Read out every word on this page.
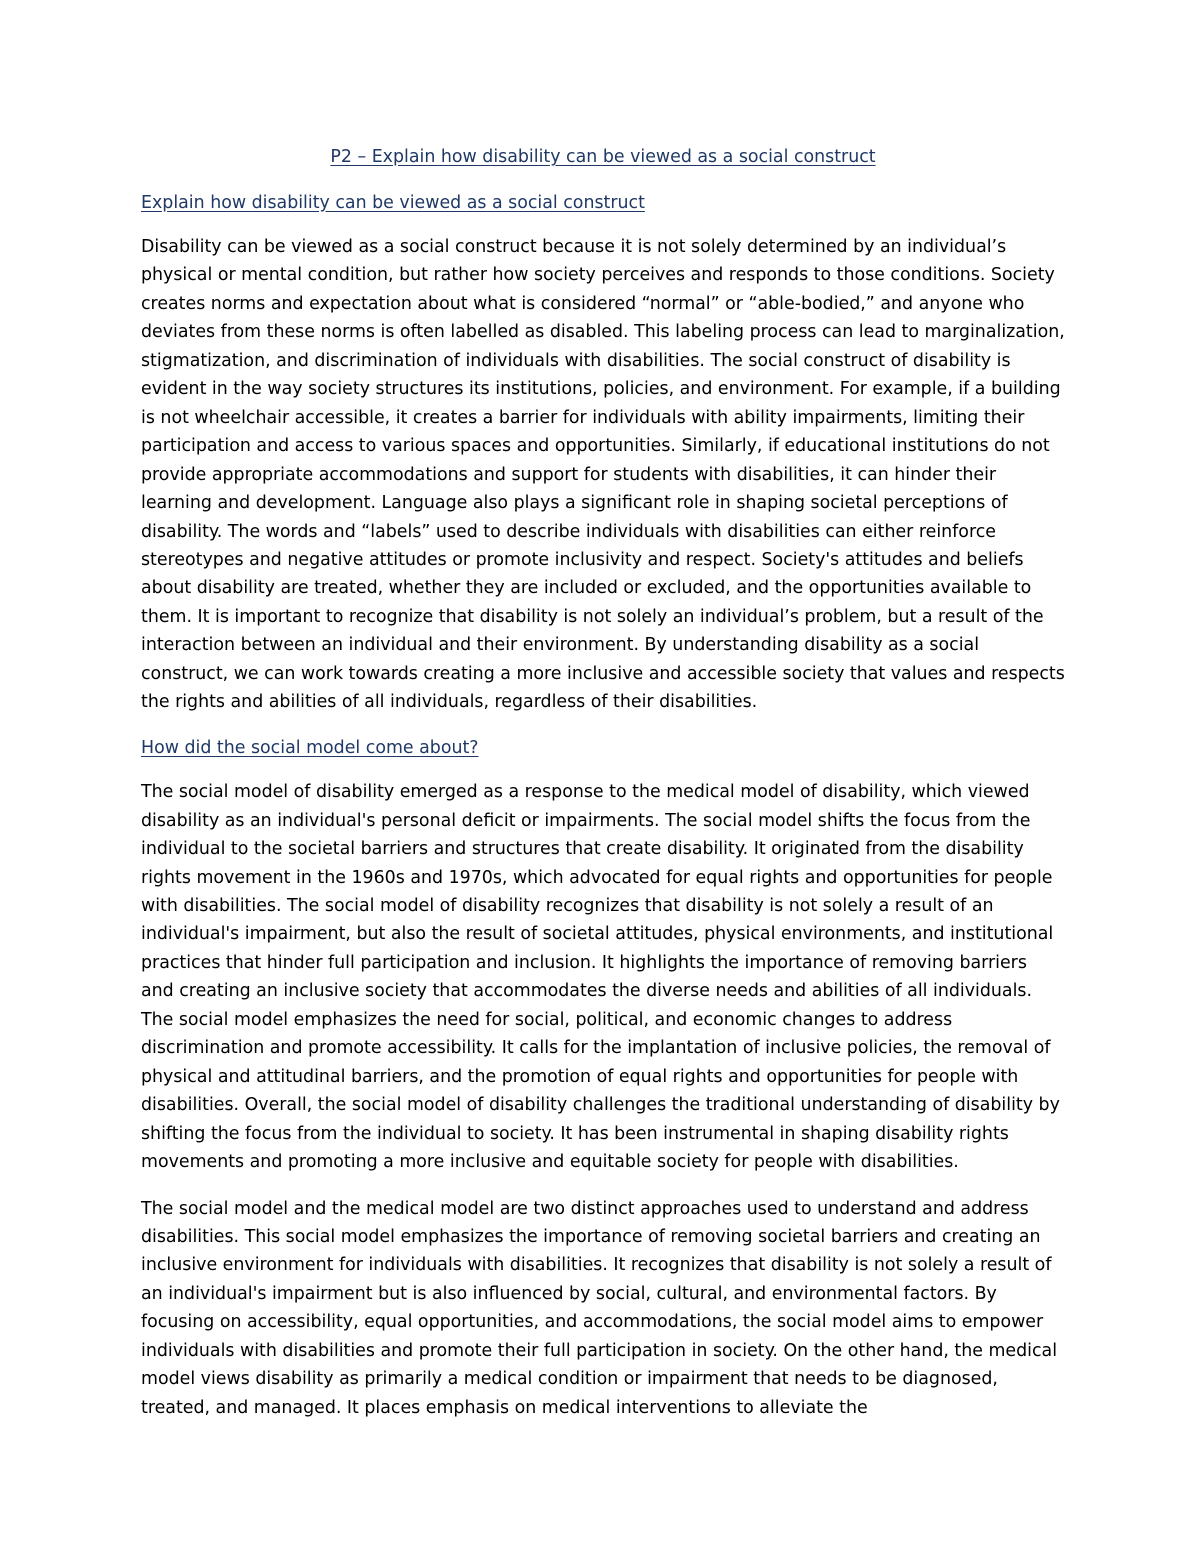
P2 – Explain how disability can be viewed as a social construct
Explain how disability can be viewed as a social construct

Disability can be viewed as a social construct because it is not solely determined by an individual’s physical or mental condition, but rather how society perceives and responds to those conditions. Society creates norms and expectation about what is considered “normal” or “able-bodied,” and anyone who deviates from these norms is often labelled as disabled. This labeling process can lead to marginalization, stigmatization, and discrimination of individuals with disabilities. The social construct of disability is evident in the way society structures its institutions, policies, and environment. For example, if a building is not wheelchair accessible, it creates a barrier for individuals with ability impairments, limiting their participation and access to various spaces and opportunities. Similarly, if educational institutions do not provide appropriate accommodations and support for students with disabilities, it can hinder their learning and development. Language also plays a significant role in shaping societal perceptions of disability. The words and “labels” used to describe individuals with disabilities can either reinforce stereotypes and negative attitudes or promote inclusivity and respect. Society's attitudes and beliefs about disability are treated, whether they are included or excluded, and the opportunities available to them. It is important to recognize that disability is not solely an individual’s problem, but a result of the interaction between an individual and their environment. By understanding disability as a social construct, we can work towards creating a more inclusive and accessible society that values and respects the rights and abilities of all individuals, regardless of their disabilities.

How did the social model come about?

The social model of disability emerged as a response to the medical model of disability, which viewed disability as an individual's personal deficit or impairments. The social model shifts the focus from the individual to the societal barriers and structures that create disability. It originated from the disability rights movement in the 1960s and 1970s, which advocated for equal rights and opportunities for people with disabilities. The social model of disability recognizes that disability is not solely a result of an individual's impairment, but also the result of societal attitudes, physical environments, and institutional practices that hinder full participation and inclusion. It highlights the importance of removing barriers and creating an inclusive society that accommodates the diverse needs and abilities of all individuals. The social model emphasizes the need for social, political, and economic changes to address discrimination and promote accessibility. It calls for the implantation of inclusive policies, the removal of physical and attitudinal barriers, and the promotion of equal rights and opportunities for people with disabilities. Overall, the social model of disability challenges the traditional understanding of disability by shifting the focus from the individual to society. It has been instrumental in shaping disability rights movements and promoting a more inclusive and equitable society for people with disabilities.

The social model and the medical model are two distinct approaches used to understand and address disabilities. This social model emphasizes the importance of removing societal barriers and creating an inclusive environment for individuals with disabilities. It recognizes that disability is not solely a result of an individual's impairment but is also influenced by social, cultural, and environmental factors. By focusing on accessibility, equal opportunities, and accommodations, the social model aims to empower individuals with disabilities and promote their full participation in society. On the other hand, the medical model views disability as primarily a medical condition or impairment that needs to be diagnosed, treated, and managed. It places emphasis on medical interventions to alleviate the
